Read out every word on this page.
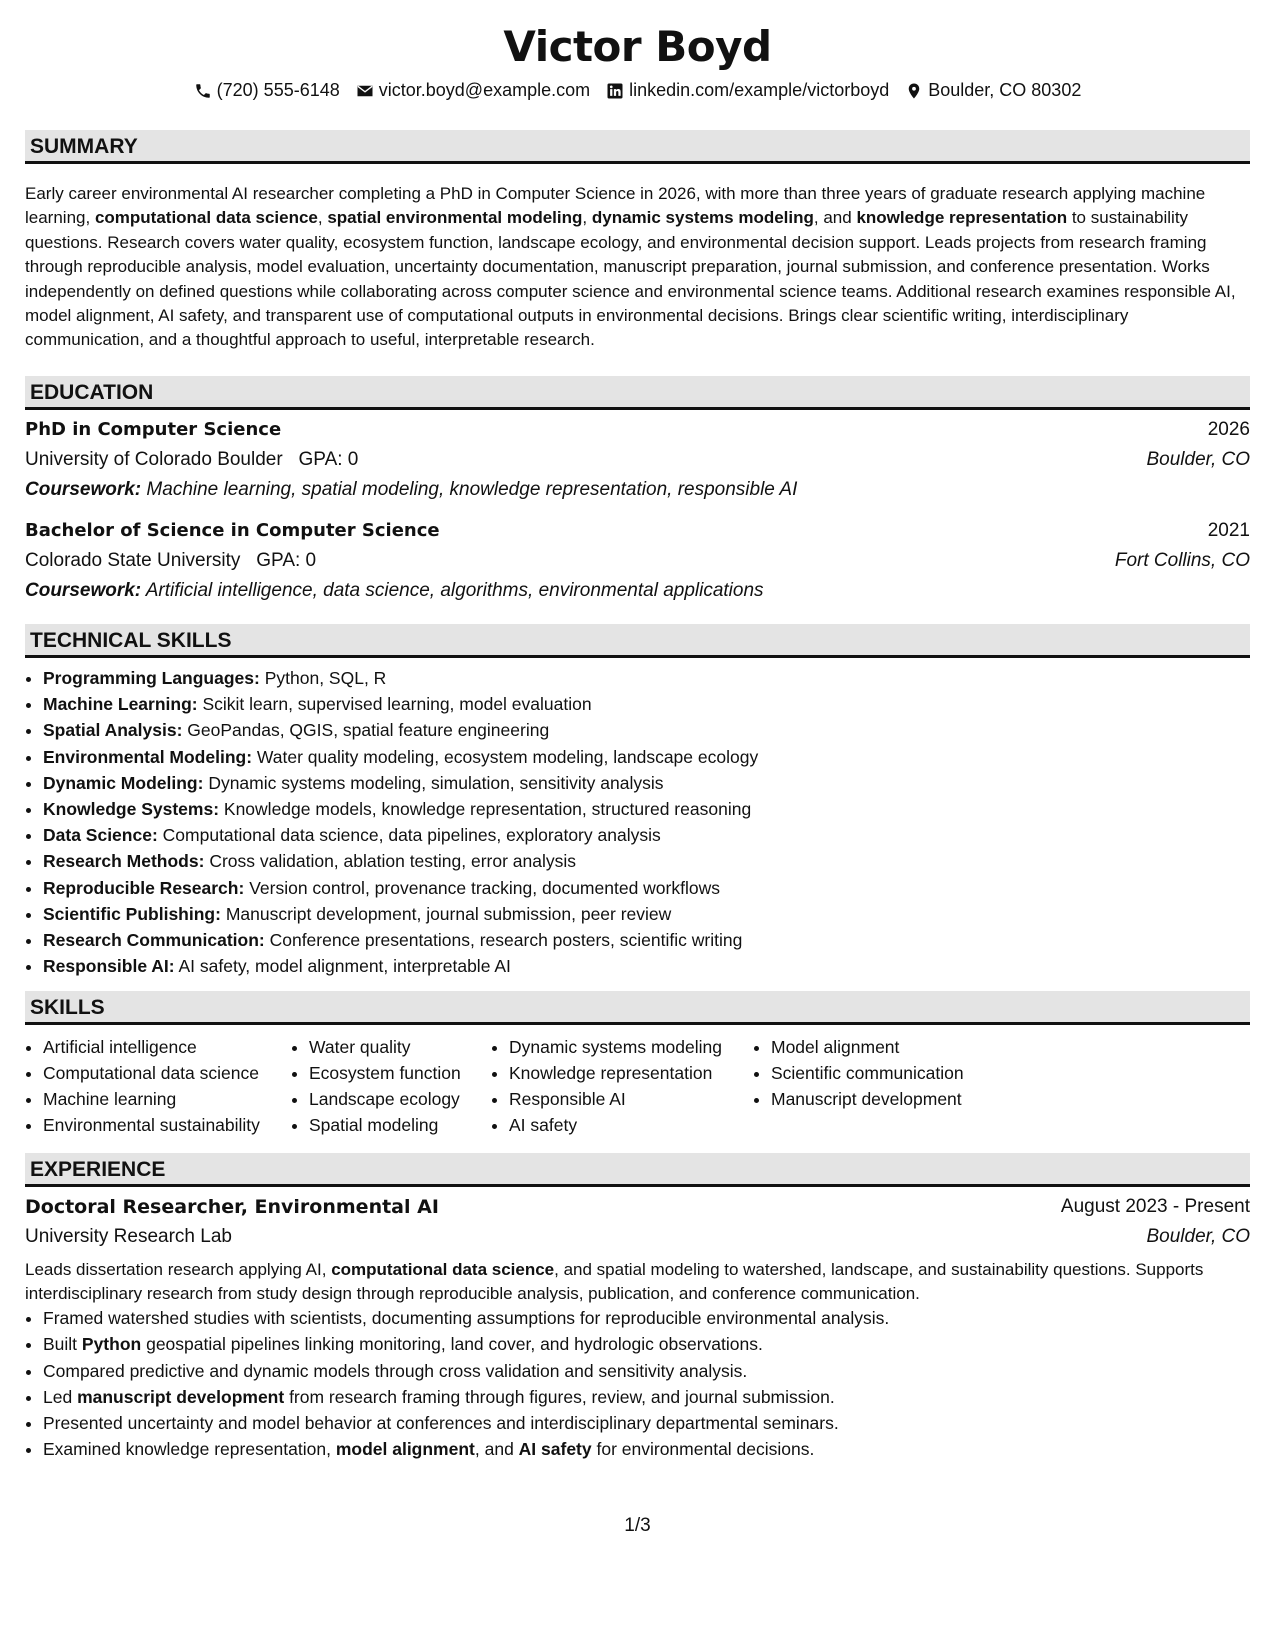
Victor Boyd
(720) 555-6148 victor.boyd@example.com linkedin.com/example/victorboyd Boulder, CO 80302
SUMMARY
Early career environmental AI researcher completing a PhD in Computer Science in 2026, with more than three years of graduate research applying machine learning, computational data science, spatial environmental modeling, dynamic systems modeling, and knowledge representation to sustainability questions. Research covers water quality, ecosystem function, landscape ecology, and environmental decision support. Leads projects from research framing through reproducible analysis, model evaluation, uncertainty documentation, manuscript preparation, journal submission, and conference presentation. Works independently on defined questions while collaborating across computer science and environmental science teams. Additional research examines responsible AI, model alignment, AI safety, and transparent use of computational outputs in environmental decisions. Brings clear scientific writing, interdisciplinary communication, and a thoughtful approach to useful, interpretable research.
EDUCATION
PhD in Computer Science	2026
University of Colorado Boulder GPA: 0	Boulder, CO
Coursework: Machine learning, spatial modeling, knowledge representation, responsible AI
Bachelor of Science in Computer Science	2021
Colorado State University GPA: 0	Fort Collins, CO
Coursework: Artificial intelligence, data science, algorithms, environmental applications
TECHNICAL SKILLS
• Programming Languages: Python, SQL, R
• Machine Learning: Scikit learn, supervised learning, model evaluation
• Spatial Analysis: GeoPandas, QGIS, spatial feature engineering
• Environmental Modeling: Water quality modeling, ecosystem modeling, landscape ecology
• Dynamic Modeling: Dynamic systems modeling, simulation, sensitivity analysis
• Knowledge Systems: Knowledge models, knowledge representation, structured reasoning
• Data Science: Computational data science, data pipelines, exploratory analysis
• Research Methods: Cross validation, ablation testing, error analysis
• Reproducible Research: Version control, provenance tracking, documented workflows
• Scientific Publishing: Manuscript development, journal submission, peer review
• Research Communication: Conference presentations, research posters, scientific writing
• Responsible AI: AI safety, model alignment, interpretable AI
SKILLS
• Artificial intelligence
• Computational data science
• Machine learning
• Environmental sustainability
• Water quality
• Ecosystem function
• Landscape ecology
• Spatial modeling
• Dynamic systems modeling
• Knowledge representation
• Responsible AI
• AI safety
• Model alignment
• Scientific communication
• Manuscript development
EXPERIENCE
Doctoral Researcher, Environmental AI	August 2023 - Present
University Research Lab	Boulder, CO
Leads dissertation research applying AI, computational data science, and spatial modeling to watershed, landscape, and sustainability questions. Supports interdisciplinary research from study design through reproducible analysis, publication, and conference communication.
• Framed watershed studies with scientists, documenting assumptions for reproducible environmental analysis.
• Built Python geospatial pipelines linking monitoring, land cover, and hydrologic observations.
• Compared predictive and dynamic models through cross validation and sensitivity analysis.
• Led manuscript development from research framing through figures, review, and journal submission.
• Presented uncertainty and model behavior at conferences and interdisciplinary departmental seminars.
• Examined knowledge representation, model alignment, and AI safety for environmental decisions.
1/3
